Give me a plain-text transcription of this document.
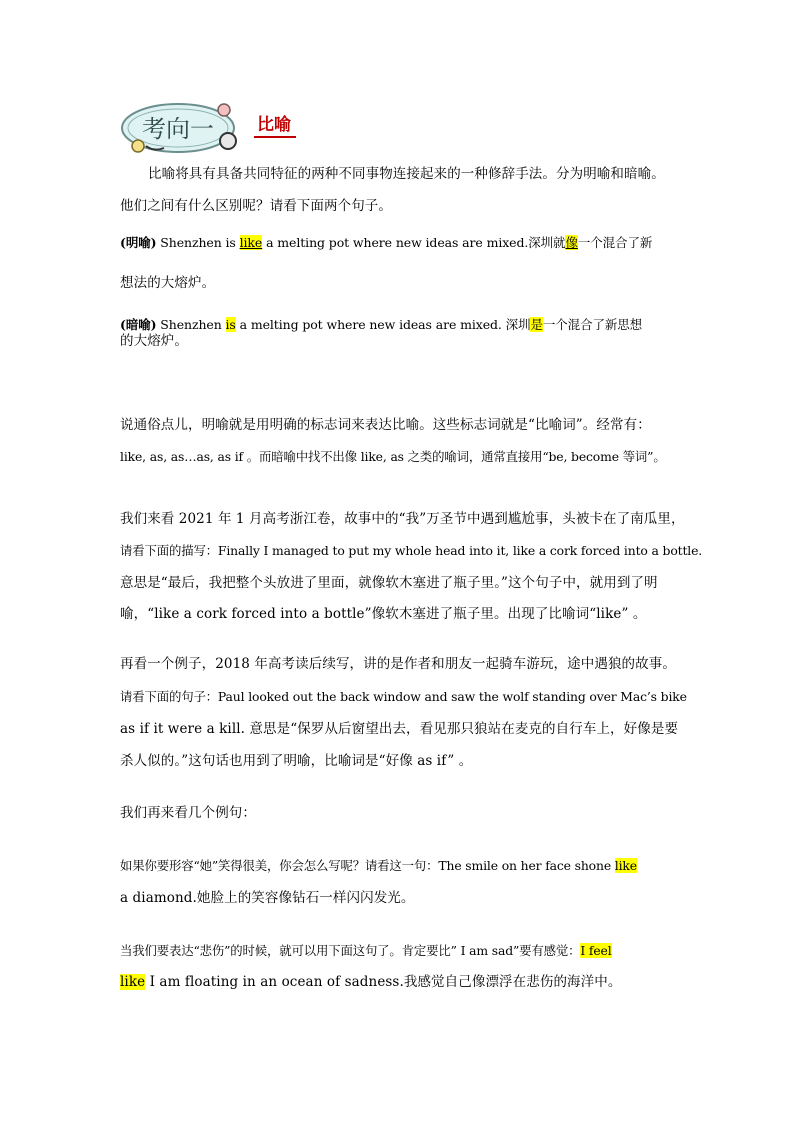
考向一	比喻
比喻将具有具备共同特征的两种不同事物连接起来的一种修辞手法。分为明喻和暗喻。
他们之间有什么区别呢？请看下面两个句子。
(明喻) Shenzhen is like a melting pot where new ideas are mixed.深圳就像一个混合了新
想法的大熔炉。
(暗喻) Shenzhen is a melting pot where new ideas are mixed. 深圳是一个混合了新思想
的大熔炉。
说通俗点儿，明喻就是用明确的标志词来表达比喻。这些标志词就是“比喻词”。经常有：
like, as, as…as, as if 。而暗喻中找不出像 like, as 之类的喻词，通常直接用“be, become 等词”。
我们来看 2021 年 1 月高考浙江卷，故事中的“我”万圣节中遇到尴尬事，头被卡在了南瓜里，
请看下面的描写：Finally I managed to put my whole head into it, like a cork forced into a bottle.
意思是“最后，我把整个头放进了里面，就像软木塞进了瓶子里。”这个句子中，就用到了明
喻，“like a cork forced into a bottle”像软木塞进了瓶子里。出现了比喻词“like” 。
再看一个例子，2018 年高考读后续写，讲的是作者和朋友一起骑车游玩，途中遇狼的故事。
请看下面的句子：Paul looked out the back window and saw the wolf standing over Mac’s bike
as if it were a kill. 意思是“保罗从后窗望出去，看见那只狼站在麦克的自行车上，好像是要
杀人似的。”这句话也用到了明喻，比喻词是“好像 as if” 。
我们再来看几个例句：
如果你要形容“她”笑得很美，你会怎么写呢？请看这一句：The smile on her face shone like
a diamond.她脸上的笑容像钻石一样闪闪发光。
当我们要表达“悲伤”的时候，就可以用下面这句了。肯定要比” I am sad”要有感觉：I feel
like I am floating in an ocean of sadness.我感觉自己像漂浮在悲伤的海洋中。
